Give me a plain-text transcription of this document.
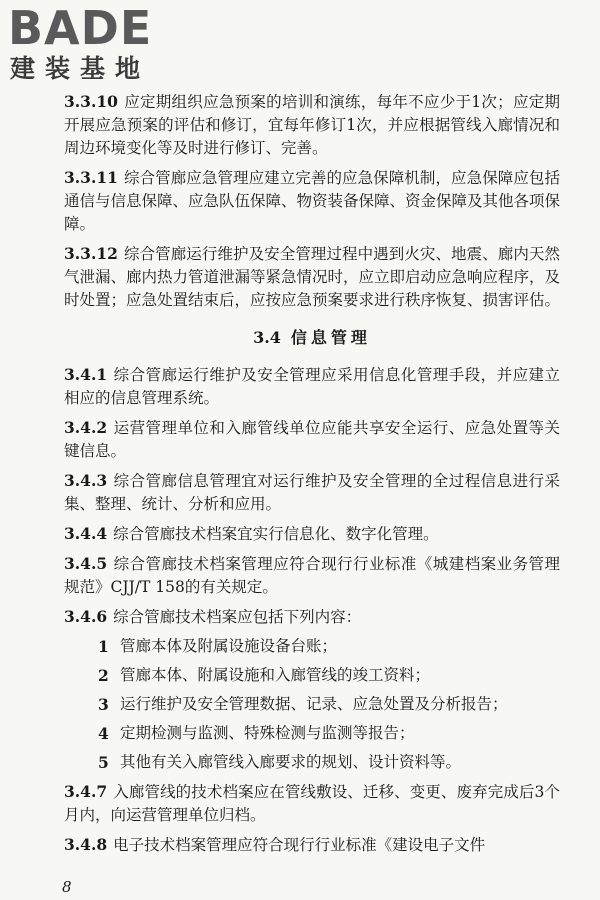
BADE
建装基地

3.3.10 应定期组织应急预案的培训和演练，每年不应少于1次；应定期开展应急预案的评估和修订，宜每年修订1次，并应根据管线入廊情况和周边环境变化等及时进行修订、完善。

3.3.11 综合管廊应急管理应建立完善的应急保障机制，应急保障应包括通信与信息保障、应急队伍保障、物资装备保障、资金保障及其他各项保障。

3.3.12 综合管廊运行维护及安全管理过程中遇到火灾、地震、廊内天然气泄漏、廊内热力管道泄漏等紧急情况时，应立即启动应急响应程序，及时处置；应急处置结束后，应按应急预案要求进行秩序恢复、损害评估。

3.4 信息管理

3.4.1 综合管廊运行维护及安全管理应采用信息化管理手段，并应建立相应的信息管理系统。

3.4.2 运营管理单位和入廊管线单位应能共享安全运行、应急处置等关键信息。

3.4.3 综合管廊信息管理宜对运行维护及安全管理的全过程信息进行采集、整理、统计、分析和应用。

3.4.4 综合管廊技术档案宜实行信息化、数字化管理。

3.4.5 综合管廊技术档案管理应符合现行行业标准《城建档案业务管理规范》CJJ/T 158的有关规定。

3.4.6 综合管廊技术档案应包括下列内容：

1 管廊本体及附属设施设备台账；
2 管廊本体、附属设施和入廊管线的竣工资料；
3 运行维护及安全管理数据、记录、应急处置及分析报告；
4 定期检测与监测、特殊检测与监测等报告；
5 其他有关入廊管线入廊要求的规划、设计资料等。

3.4.7 入廊管线的技术档案应在管线敷设、迁移、变更、废弃完成后3个月内，向运营管理单位归档。

3.4.8 电子技术档案管理应符合现行行业标准《建设电子文件

8
